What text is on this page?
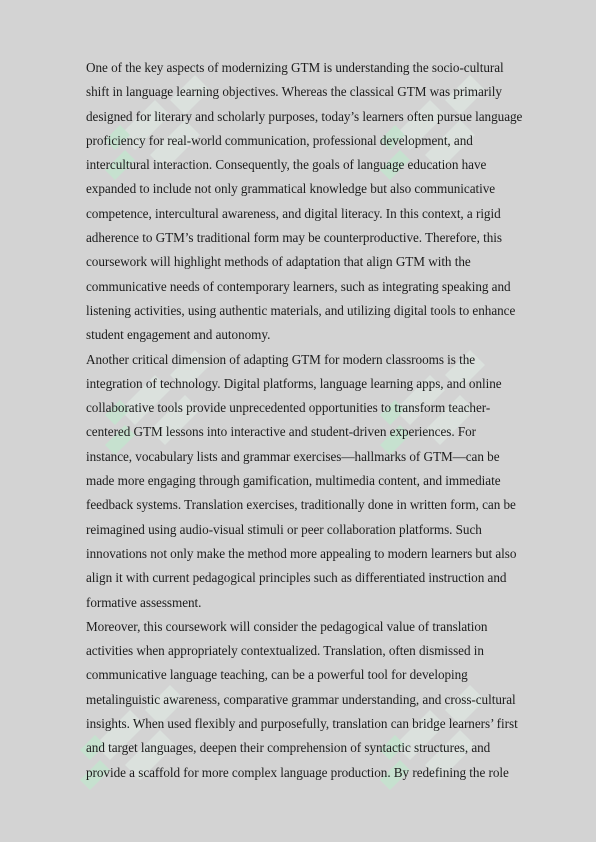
One of the key aspects of modernizing GTM is understanding the socio-cultural
shift in language learning objectives. Whereas the classical GTM was primarily
designed for literary and scholarly purposes, today’s learners often pursue language
proficiency for real-world communication, professional development, and
intercultural interaction. Consequently, the goals of language education have
expanded to include not only grammatical knowledge but also communicative
competence, intercultural awareness, and digital literacy. In this context, a rigid
adherence to GTM’s traditional form may be counterproductive. Therefore, this
coursework will highlight methods of adaptation that align GTM with the
communicative needs of contemporary learners, such as integrating speaking and
listening activities, using authentic materials, and utilizing digital tools to enhance
student engagement and autonomy.
Another critical dimension of adapting GTM for modern classrooms is the
integration of technology. Digital platforms, language learning apps, and online
collaborative tools provide unprecedented opportunities to transform teacher-
centered GTM lessons into interactive and student-driven experiences. For
instance, vocabulary lists and grammar exercises—hallmarks of GTM—can be
made more engaging through gamification, multimedia content, and immediate
feedback systems. Translation exercises, traditionally done in written form, can be
reimagined using audio-visual stimuli or peer collaboration platforms. Such
innovations not only make the method more appealing to modern learners but also
align it with current pedagogical principles such as differentiated instruction and
formative assessment.
Moreover, this coursework will consider the pedagogical value of translation
activities when appropriately contextualized. Translation, often dismissed in
communicative language teaching, can be a powerful tool for developing
metalinguistic awareness, comparative grammar understanding, and cross-cultural
insights. When used flexibly and purposefully, translation can bridge learners’ first
and target languages, deepen their comprehension of syntactic structures, and
provide a scaffold for more complex language production. By redefining the role
